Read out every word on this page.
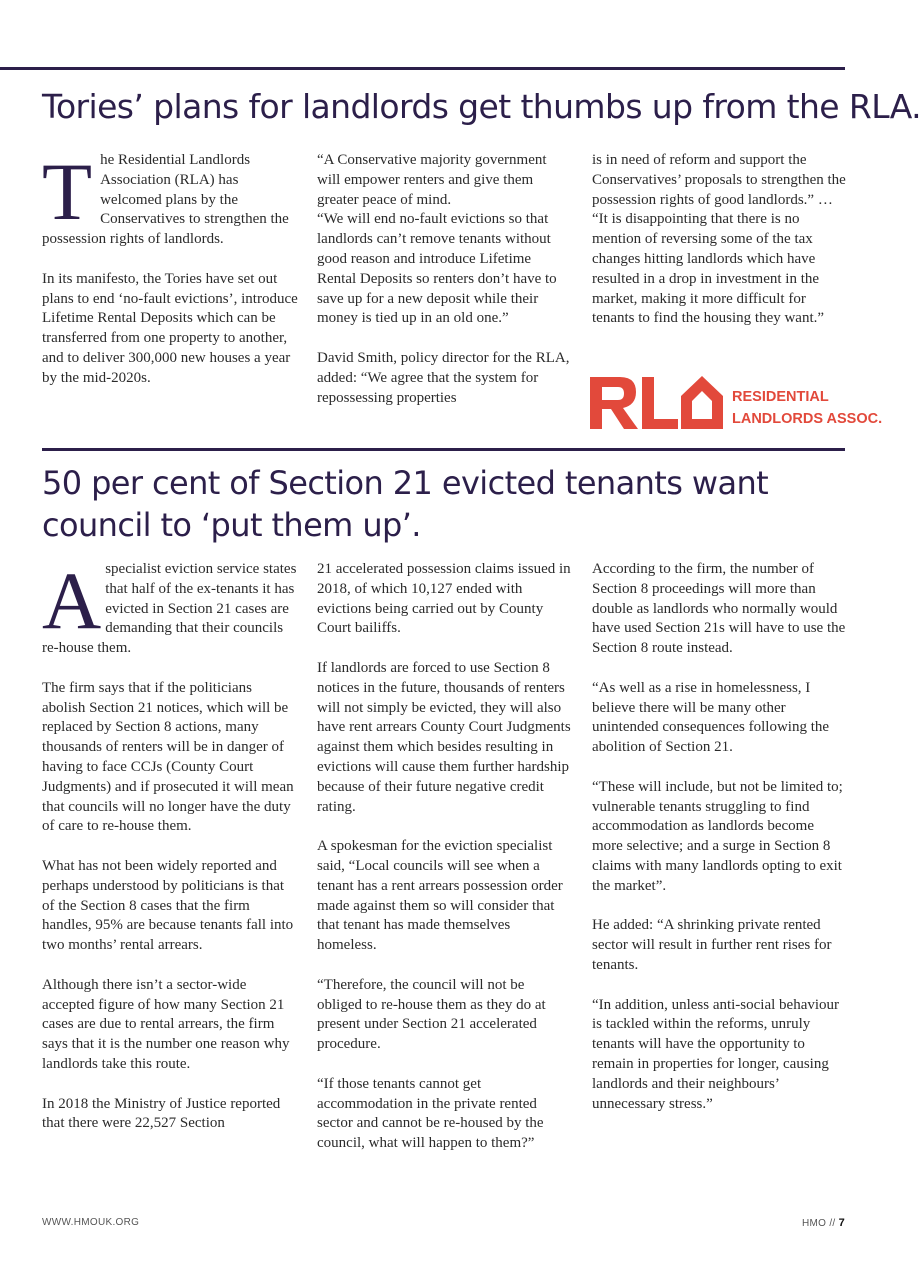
Tories’ plans for landlords get thumbs up from the RLA.

The Residential Landlords Association (RLA) has welcomed plans by the Conservatives to strengthen the possession rights of landlords.

In its manifesto, the Tories have set out plans to end ‘no-fault evictions’, introduce Lifetime Rental Deposits which can be transferred from one property to another, and to deliver 300,000 new houses a year by the mid-2020s.

“A Conservative majority government will empower renters and give them greater peace of mind.
“We will end no-fault evictions so that landlords can’t remove tenants without good reason and introduce Lifetime Rental Deposits so renters don’t have to save up for a new deposit while their money is tied up in an old one.”

David Smith, policy director for the RLA, added: “We agree that the system for repossessing properties

is in need of reform and support the Conservatives’ proposals to strengthen the possession rights of good landlords.” … “It is disappointing that there is no mention of reversing some of the tax changes hitting landlords which have resulted in a drop in investment in the market, making it more difficult for tenants to find the housing they want.”

RESIDENTIAL
LANDLORDS ASSOC.
50 per cent of Section 21 evicted tenants want council to ‘put them up’.

Aspecialist eviction service states that half of the ex-tenants it has evicted in Section 21 cases are demanding that their councils re-house them.

The firm says that if the politicians abolish Section 21 notices, which will be replaced by Section 8 actions, many thousands of renters will be in danger of having to face CCJs (County Court Judgments) and if prosecuted it will mean that councils will no longer have the duty of care to re-house them.

What has not been widely reported and perhaps understood by politicians is that of the Section 8 cases that the firm handles, 95% are because tenants fall into two months’ rental arrears.

Although there isn’t a sector-wide accepted figure of how many Section 21 cases are due to rental arrears, the firm says that it is the number one reason why landlords take this route.

In 2018 the Ministry of Justice reported that there were 22,527 Section

21 accelerated possession claims issued in 2018, of which 10,127 ended with evictions being carried out by County Court bailiffs.

If landlords are forced to use Section 8 notices in the future, thousands of renters will not simply be evicted, they will also have rent arrears County Court Judgments against them which besides resulting in evictions will cause them further hardship because of their future negative credit rating.

A spokesman for the eviction specialist said, “Local councils will see when a tenant has a rent arrears possession order made against them so will consider that that tenant has made themselves homeless.

“Therefore, the council will not be obliged to re-house them as they do at present under Section 21 accelerated procedure.

“If those tenants cannot get accommodation in the private rented sector and cannot be re-housed by the council, what will happen to them?”

According to the firm, the number of Section 8 proceedings will more than double as landlords who normally would have used Section 21s will have to use the Section 8 route instead.

“As well as a rise in homelessness, I believe there will be many other unintended consequences following the abolition of Section 21.

“These will include, but not be limited to; vulnerable tenants struggling to find accommodation as landlords become more selective; and a surge in Section 8 claims with many landlords opting to exit the market”.

He added: “A shrinking private rented sector will result in further rent rises for tenants.

“In addition, unless anti-social behaviour is tackled within the reforms, unruly tenants will have the opportunity to remain in properties for longer, causing landlords and their neighbours’ unnecessary stress.”

WWW.HMOUK.ORG	HMO // 7
